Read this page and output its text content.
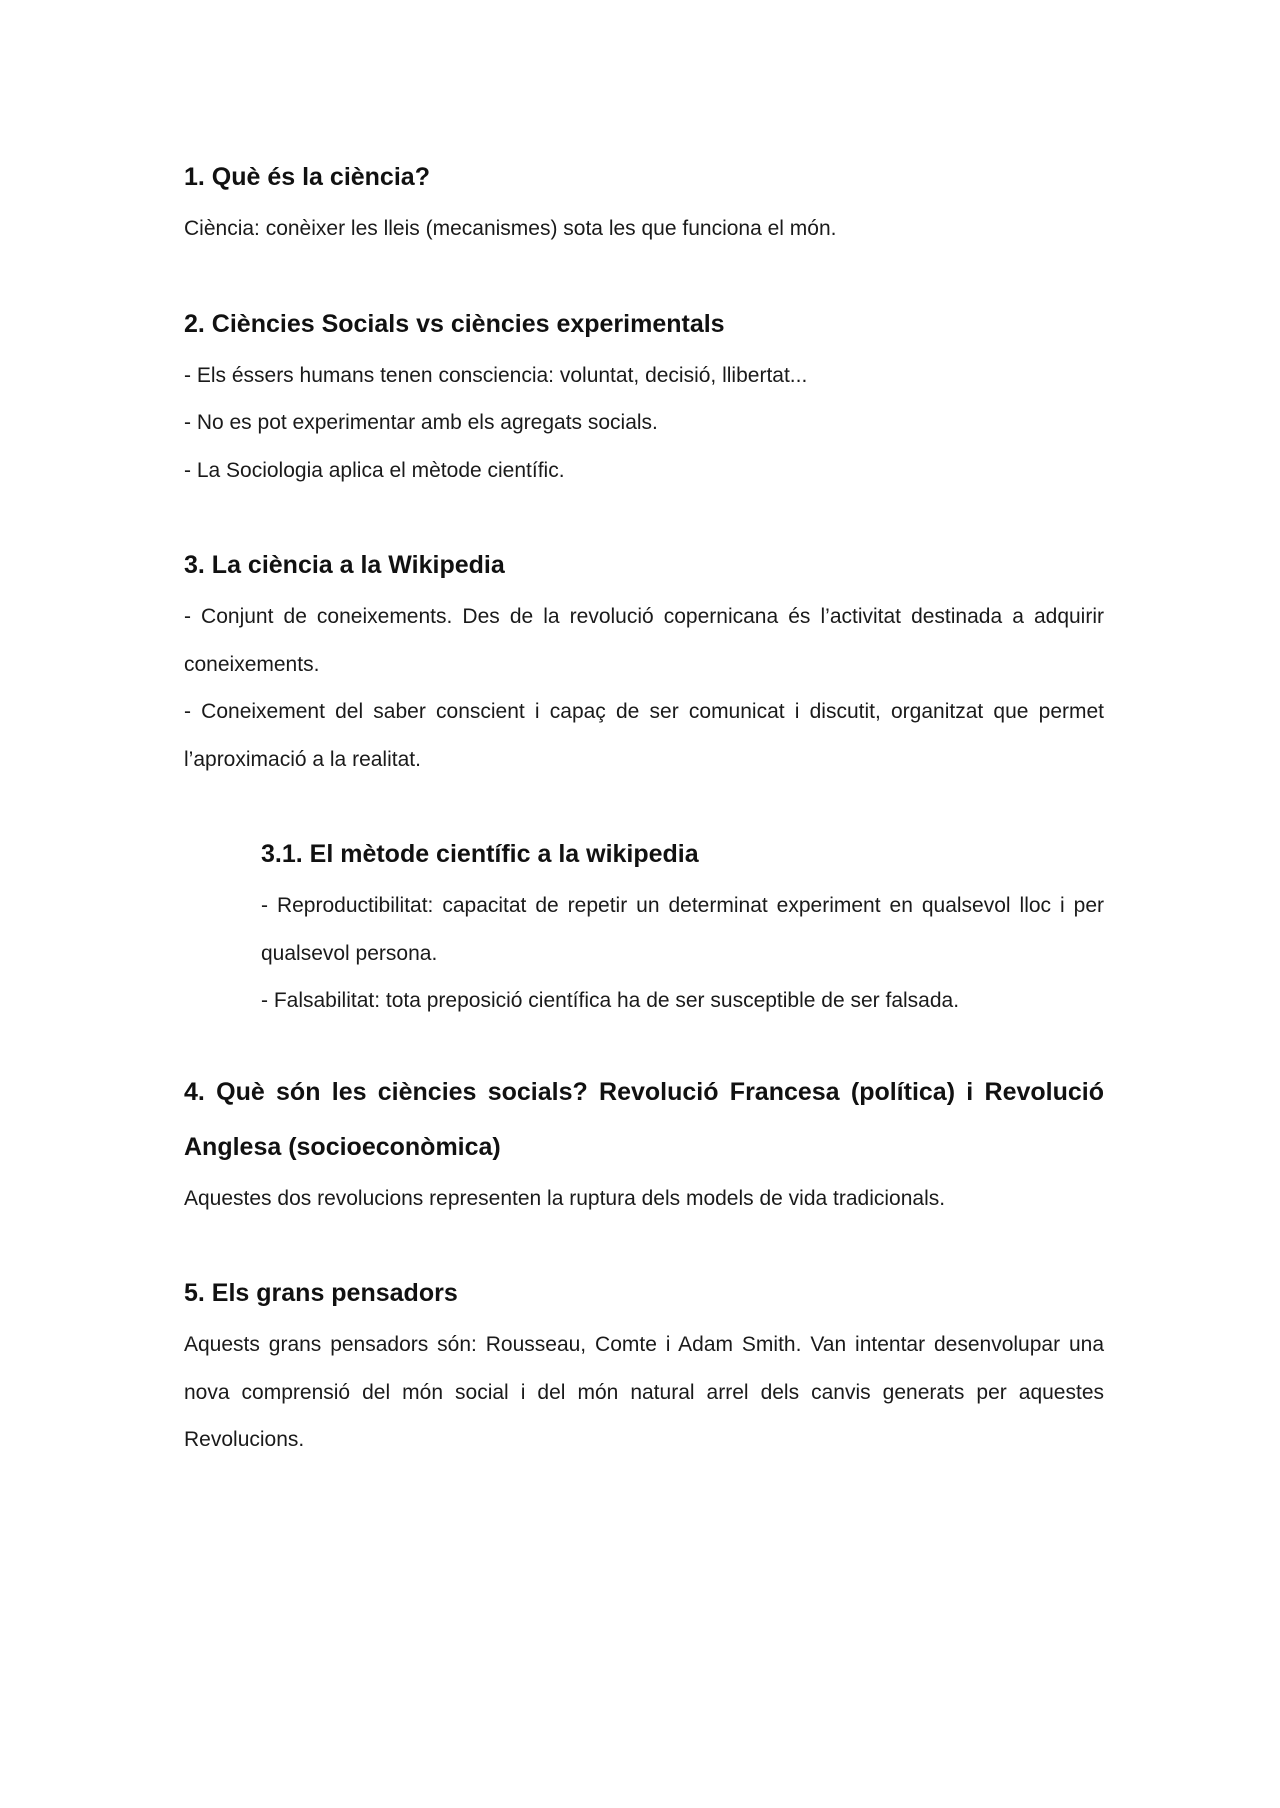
1. Què és la ciència?

Ciència: conèixer les lleis (mecanismes) sota les que funciona el món.

2. Ciències Socials vs ciències experimentals

- Els éssers humans tenen consciencia: voluntat, decisió, llibertat...

- No es pot experimentar amb els agregats socials.

- La Sociologia aplica el mètode científic.

3. La ciència a la Wikipedia

- Conjunt de coneixements. Des de la revolució copernicana és l’activitat destinada a adquirir coneixements.

- Coneixement del saber conscient i capaç de ser comunicat i discutit, organitzat que permet l’aproximació a la realitat.

3.1. El mètode científic a la wikipedia

- Reproductibilitat: capacitat de repetir un determinat experiment en qualsevol lloc i per qualsevol persona.

- Falsabilitat: tota preposició científica ha de ser susceptible de ser falsada.

4. Què són les ciències socials? Revolució Francesa (política) i Revolució Anglesa (socioeconòmica)

Aquestes dos revolucions representen la ruptura dels models de vida tradicionals.

5. Els grans pensadors

Aquests grans pensadors són: Rousseau, Comte i Adam Smith. Van intentar desenvolupar una nova comprensió del món social i del món natural arrel dels canvis generats per aquestes Revolucions.
